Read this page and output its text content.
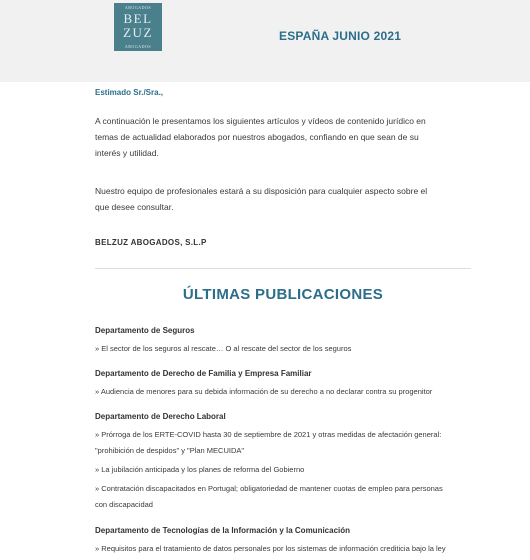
ABOGADOS
BEL
ZUZ
ABOGADOS
ESPAÑA JUNIO 2021
Estimado Sr./Sra.,
A continuación le presentamos los siguientes artículos y vídeos de contenido jurídico en
temas de actualidad elaborados por nuestros abogados, confiando en que sean de su
interés y utilidad.
Nuestro equipo de profesionales estará a su disposición para cualquier aspecto sobre el
que desee consultar.
BELZUZ ABOGADOS, S.L.P
ÚLTIMAS PUBLICACIONES
Departamento de Seguros
» El sector de los seguros al rescate… O al rescate del sector de los seguros
Departamento de Derecho de Familia y Empresa Familiar
» Audiencia de menores para su debida información de su derecho a no declarar contra su progenitor
Departamento de Derecho Laboral
» Prórroga de los ERTE-COVID hasta 30 de septiembre de 2021 y otras medidas de afectación general:
"prohibición de despidos" y "Plan MECUIDA"
» La jubilación anticipada y los planes de reforma del Gobierno
» Contratación discapacitados en Portugal; obligatoriedad de mantener cuotas de empleo para personas
con discapacidad
Departamento de Tecnologías de la Información y la Comunicación
» Requisitos para el tratamiento de datos personales por los sistemas de información crediticia bajo la ley
